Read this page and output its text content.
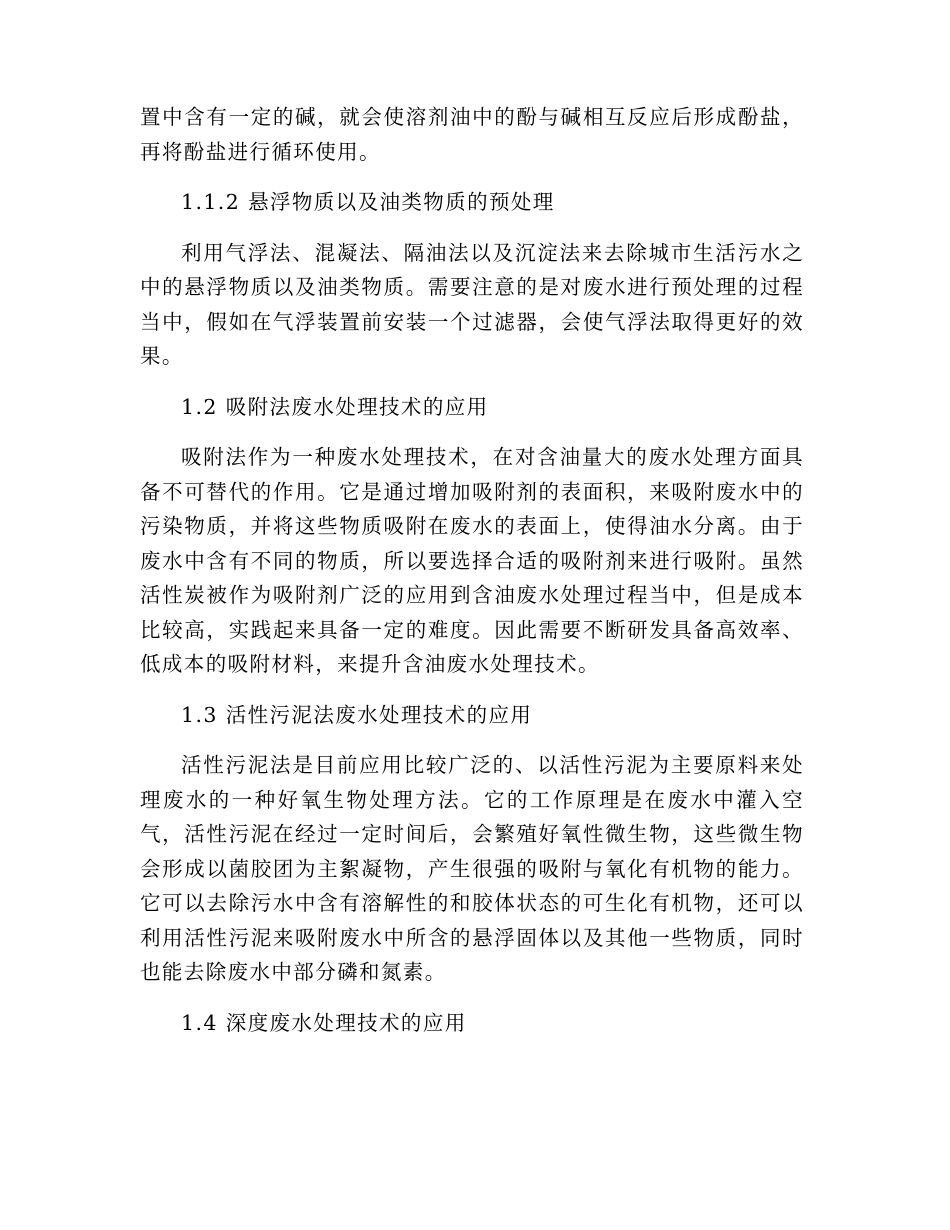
置中含有一定的碱，就会使溶剂油中的酚与碱相互反应后形成酚盐，再将酚盐进行循环使用。

1.1.2 悬浮物质以及油类物质的预处理

利用气浮法、混凝法、隔油法以及沉淀法来去除城市生活污水之中的悬浮物质以及油类物质。需要注意的是对废水进行预处理的过程当中，假如在气浮装置前安装一个过滤器，会使气浮法取得更好的效果。

1.2 吸附法废水处理技术的应用

吸附法作为一种废水处理技术，在对含油量大的废水处理方面具备不可替代的作用。它是通过增加吸附剂的表面积，来吸附废水中的污染物质，并将这些物质吸附在废水的表面上，使得油水分离。由于废水中含有不同的物质，所以要选择合适的吸附剂来进行吸附。虽然活性炭被作为吸附剂广泛的应用到含油废水处理过程当中，但是成本比较高，实践起来具备一定的难度。因此需要不断研发具备高效率、低成本的吸附材料，来提升含油废水处理技术。

1.3 活性污泥法废水处理技术的应用

活性污泥法是目前应用比较广泛的、以活性污泥为主要原料来处理废水的一种好氧生物处理方法。它的工作原理是在废水中灌入空气，活性污泥在经过一定时间后，会繁殖好氧性微生物，这些微生物会形成以菌胶团为主絮凝物，产生很强的吸附与氧化有机物的能力。它可以去除污水中含有溶解性的和胶体状态的可生化有机物，还可以利用活性污泥来吸附废水中所含的悬浮固体以及其他一些物质，同时也能去除废水中部分磷和氮素。

1.4 深度废水处理技术的应用
